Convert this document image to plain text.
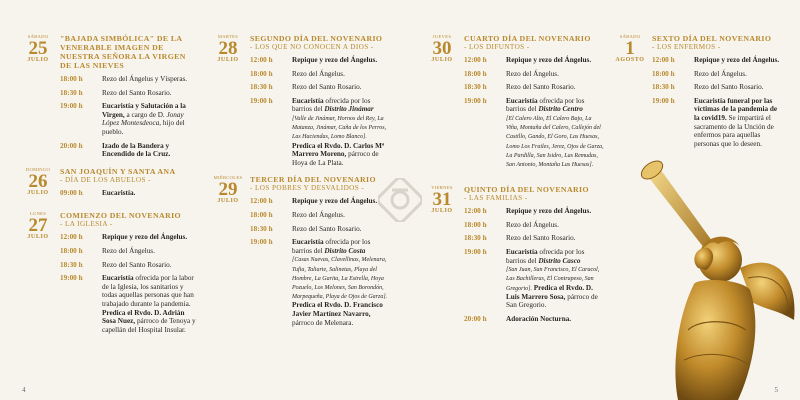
SÁBADO
25
JULIO
"BAJADA SIMBÓLICA" DE LA VENERABLE IMAGEN DE NUESTRA SEÑORA LA VIRGEN DE LAS NIEVES
18:00 h	Rezo del Ángelus y Vísperas.
18:30 h	Rezo del Santo Rosario.
19:00 h	Eucaristía y Salutación a la Virgen, a cargo de D. Jonay López Montesdeoca, hijo del pueblo.
20:00 h	Izado de la Bandera y Encendido de la Cruz.
DOMINGO
26
JULIO
SAN JOAQUÍN Y SANTA ANA
- DÍA DE LOS ABUELOS -
09:00 h	Eucaristía.
LUNES
27
JULIO
COMIENZO DEL NOVENARIO
- LA IGLESIA -
12:00 h	Repique y rezo del Ángelus.
18:00 h	Rezo del Ángelus.
18:30 h	Rezo del Santo Rosario.
19:00 h	Eucaristía ofrecida por la labor de la Iglesia, los sanitarios y todas aquellas personas que han trabajado durante la pandemia. Predica el Rvdo. D. Adrián Sosa Nuez, párroco de Tenoya y capellán del Hospital Insular.
MARTES
28
JULIO
SEGUNDO DÍA DEL NOVENARIO
- LOS QUE NO CONOCEN A DIOS -
12:00 h	Repique y rezo del Ángelus.
18:00 h	Rezo del Ángelus.
18:30 h	Rezo del Santo Rosario.
19:00 h	Eucaristía ofrecida por los barrios del Distrito Jinámar
[Valle de Jinámar, Hornos del Rey, La Matanza, Jinámar, Caña de los Perros, Las Haciendas, Lomo Blanco].
Predica el Rvdo. D. Carlos Mª Marrero Moreno, párroco de Hoya de La Plata.
MIÉRCOLES
29
JULIO
TERCER DÍA DEL NOVENARIO
- LOS POBRES Y DESVALIDOS -
12:00 h	Repique y rezo del Ángelus.
18:00 h	Rezo del Ángelus.
18:30 h	Rezo del Santo Rosario.
19:00 h	Eucaristía ofrecida por los barrios del Distrito Costa
[Casas Nuevas, Clavellinas, Melenara, Tufia, Taliarte, Salinetas, Playa del Hombre, La Garita, La Estrella, Hoya Pozuelo, Los Melones, San Borondón, Marpequeña, Playa de Ojos de Garza].
Predica el Rvdo. D. Francisco Javier Martínez Navarro, párroco de Melenara.
4
JUEVES
30
JULIO
CUARTO DÍA DEL NOVENARIO
- LOS DIFUNTOS -
12:00 h	Repique y rezo del Ángelus.
18:00 h	Rezo del Ángelus.
18:30 h	Rezo del Santo Rosario.
19:00 h	Eucaristía ofrecida por los barrios del Distrito Centro
[El Calero Alto, El Calero Bajo, La Viña, Montaña del Calero, Callejón del Castillo, Gando, El Goro, Las Huesas, Lomo Los Frailes, Jerez, Ojos de Garza, La Pardilla, San Isidro, Las Remudas, San Antonio, Montaña Las Huesas].
VIERNES
31
JULIO
QUINTO DÍA DEL NOVENARIO
- LAS FAMILIAS -
12:00 h	Repique y rezo del Ángelus.
18:00 h	Rezo del Ángelus.
18:30 h	Rezo del Santo Rosario.
19:00 h	Eucaristía ofrecida por los barrios del Distrito Casco
[San Juan, San Francisco, El Caracol, Las Bachilleras, El Contrapeso, San Gregorio]. Predica el Rvdo. D. Luis Marrero Sosa, párroco de San Gregorio.
20:00 h	Adoración Nocturna.
SÁBADO
1
AGOSTO
SEXTO DÍA DEL NOVENARIO
- LOS ENFERMOS -
12:00 h	Repique y rezo del Ángelus.
18:00 h	Rezo del Ángelus.
18:30 h	Rezo del Santo Rosario.
19:00 h	Eucaristía funeral por las víctimas de la pandemia de la covid19. Se impartirá el sacramento de la Unción de enfermos para aquellas personas que lo deseen.
5
